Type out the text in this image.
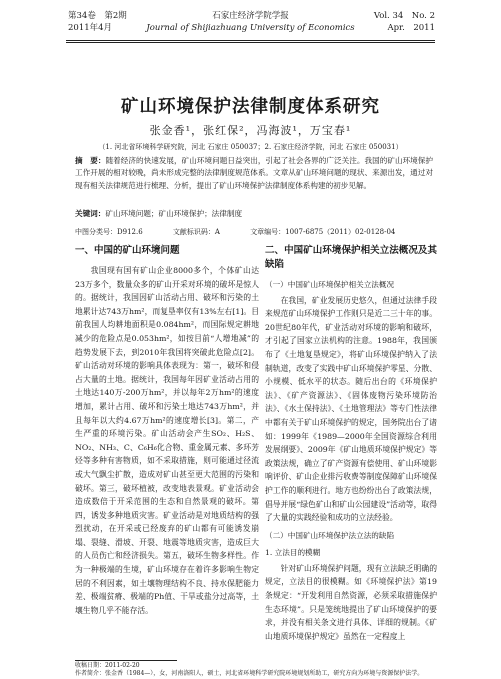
第34卷　第2期
2011年4月
石家庄经济学院学报
Journal of Shijiazhuang University of Economics
Vol. 34　No. 2
Apr.　2011
矿山环境保护法律制度体系研究
张金香¹，张红保²，冯海波¹，万宝春¹
（1. 河北省环境科学研究院，河北 石家庄 050037；2. 石家庄经济学院，河北 石家庄 050031）
摘　要：随着经济的快速发展，矿山环境问题日益突出，引起了社会各界的广泛关注。我国的矿山环境保护工作开展的相对较晚，尚未形成完整的法律制度规范体系。文章从矿山环境问题的现状、来源出发，通过对现有相关法律规范进行梳理、分析，提出了矿山环境保护法律制度体系构建的初步见解。
关键词：矿山环境问题；矿山环境保护；法律制度
中图分类号：D912.6	文献标识码：A	文章编号：1007-6875（2011）02-0128-04
一、中国的矿山环境问题

我国现有国有矿山企业8000多个，个体矿山达23万多个，数量众多的矿山开采对环境的破坏是惊人的。据统计，我国因矿山活动占用、破坏和污染的土地累计达743万hm²，而复垦率仅有13%左右[1]。目前我国人均耕地面积是0.084hm²，而国际规定耕地减少的危险点是0.053hm²，如按目前“人增地减”的趋势发展下去，到2010年我国将突破此危险点[2]。矿山活动对环境的影响具体表现为：第一，破坏和侵占大量的土地。据统计，我国每年因矿业活动占用的土地达140万-200万hm²，并以每年2万hm²的速度增加，累计占用、破坏和污染土地达743万hm²，并且每年以大约4.67万hm²的速度增长[3]。第二，产生严重的环境污染。矿山活动会产生SO₂、H₂S、NO₂、NH₃、C、C₆H₆化合物、重金属元素、多环芳烃等多种有害物质，如不采取措施，则可能通过径流或大气飘尘扩散，造成对矿山甚至更大范围的污染和破坏。第三，破坏植被，改变地表景观。矿业活动会造成数倍于开采范围的生态和自然景观的破坏。第四，诱发多种地质灾害。矿业活动是对地质结构的强烈扰动，在开采或已经废弃的矿山都有可能诱发崩塌、裂缝、滑坡、开裂、地震等地质灾害，造成巨大的人员伤亡和经济损失。第五，破坏生物多样性。作为一种极端的生境，矿山环境存在着许多影响生物定居的不利因素，如土壤物理结构不良、持水保肥能力差、极端贫瘠、极端的Ph值、干旱或盐分过高等，土壤生物几乎不能存活。

二、中国矿山环境保护相关立法概况及其缺陷
（一）中国矿山环境保护相关立法概况

在我国，矿业发展历史悠久，但通过法律手段来规范矿山环境保护工作则只是近二三十年的事。20世纪80年代，矿业活动对环境的影响和破坏，才引起了国家立法机构的注意。1988年，我国颁布了《土地复垦规定》，将矿山环境保护纳入了法制轨道，改变了实践中矿山环境保护零星、分散、小规模、低水平的状态。随后出台的《环境保护法》、《矿产资源法》、《固体废物污染环境防治法》、《水土保持法》、《土地管理法》等专门性法律中都有关于矿山环境保护的规定，国务院出台了诸如：1999年《1989—2000年全国资源综合利用发展纲要》、2009年《矿山地质环境保护规定》等政策法规，确立了矿产资源有偿使用、矿山环境影响评价、矿山企业排污收费等制度保障矿山环境保护工作的顺利进行。地方也纷纷出台了政策法规，倡导并展“绿色矿山和矿山公园建设”活动等，取得了大量的实践经验和成功的立法经验。

（二）中国矿山环境保护法立法的缺陷
1. 立法目的模糊

针对矿山环境保护问题，现有立法缺乏明确的规定，立法目的很模糊。如《环境保护法》第19条规定：“开发利用自然资源，必须采取措施保护生态环境”。只是笼统地提出了矿山环境保护的要求，并没有相关条文进行具体、详细的规制。《矿山地质环境保护规定》虽然在一定程度上

收稿日期：2011-02-20
作者简介：张金香（1984—），女，河南洛阳人，硕士，河北省环境科学研究院环境规划所助工，研究方向为环境与资源保护法学。
